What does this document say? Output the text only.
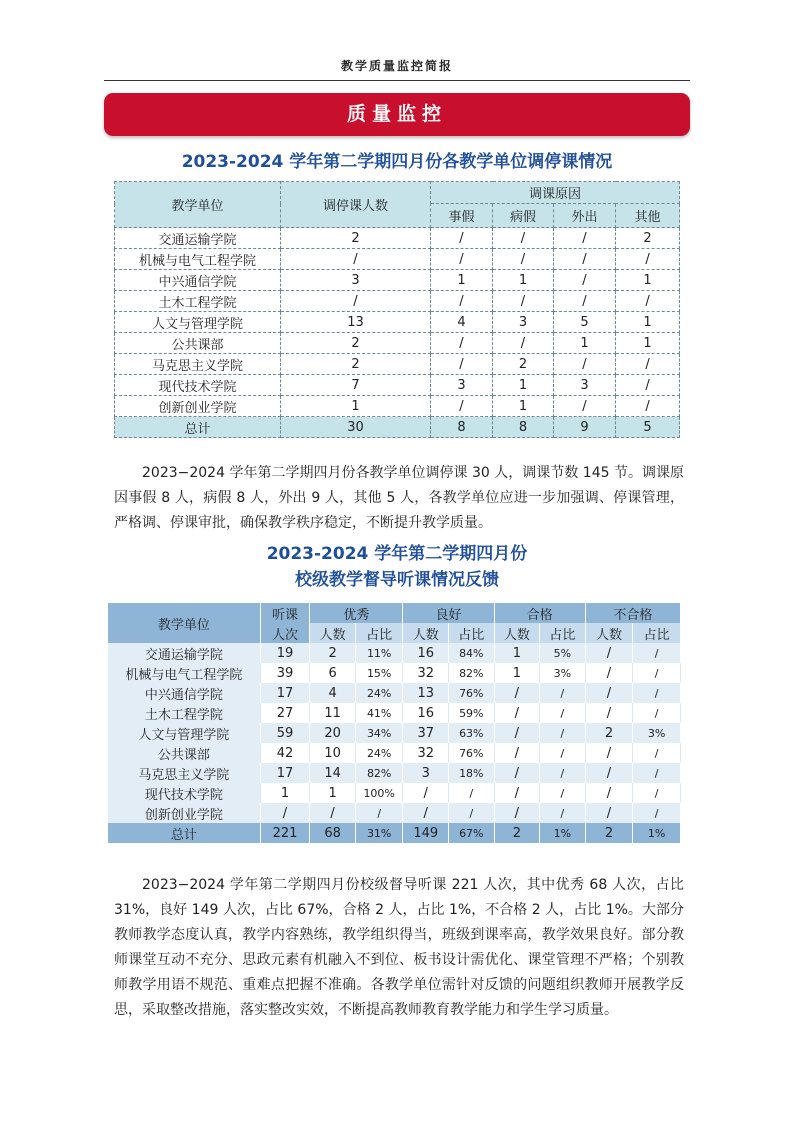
教学质量监控简报
质量监控
2023-2024 学年第二学期四月份各教学单位调停课情况
教学单位	调停课人数	调课原因			
		事假	病假	外出	其他
交通运输学院	2	/	/	/	2
机械与电气工程学院	/	/	/	/	/
中兴通信学院	3	1	1	/	1
土木工程学院	/	/	/	/	/
人文与管理学院	13	4	3	5	1
公共课部	2	/	/	1	1
马克思主义学院	2	/	2	/	/
现代技术学院	7	3	1	3	/
创新创业学院	1	/	1	/	/
总计	30	8	8	9	5

2023−2024 学年第二学期四月份各教学单位调停课 30 人，调课节数 145 节。调课原因事假 8 人，病假 8 人，外出 9 人，其他 5 人，各教学单位应进一步加强调、停课管理，严格调、停课审批，确保教学秩序稳定，不断提升教学质量。

2023-2024 学年第二学期四月份
校级教学督导听课情况反馈
教学单位	听课	优秀		良好		合格		不合格	
	人次	人数	占比	人数	占比	人数	占比	人数	占比
交通运输学院	19	2	11%	16	84%	1	5%	/	/
机械与电气工程学院	39	6	15%	32	82%	1	3%	/	/
中兴通信学院	17	4	24%	13	76%	/	/	/	/
土木工程学院	27	11	41%	16	59%	/	/	/	/
人文与管理学院	59	20	34%	37	63%	/	/	2	3%
公共课部	42	10	24%	32	76%	/	/	/	/
马克思主义学院	17	14	82%	3	18%	/	/	/	/
现代技术学院	1	1	100%	/	/	/	/	/	/
创新创业学院	/	/	/	/	/	/	/	/	/
总计	221	68	31%	149	67%	2	1%	2	1%

2023−2024 学年第二学期四月份校级督导听课 221 人次，其中优秀 68 人次，占比 31%，良好 149 人次，占比 67%，合格 2 人，占比 1%，不合格 2 人，占比 1%。大部分教师教学态度认真，教学内容熟练，教学组织得当，班级到课率高，教学效果良好。部分教师课堂互动不充分、思政元素有机融入不到位、板书设计需优化、课堂管理不严格；个别教师教学用语不规范、重难点把握不准确。各教学单位需针对反馈的问题组织教师开展教学反思，采取整改措施，落实整改实效，不断提高教师教育教学能力和学生学习质量。
